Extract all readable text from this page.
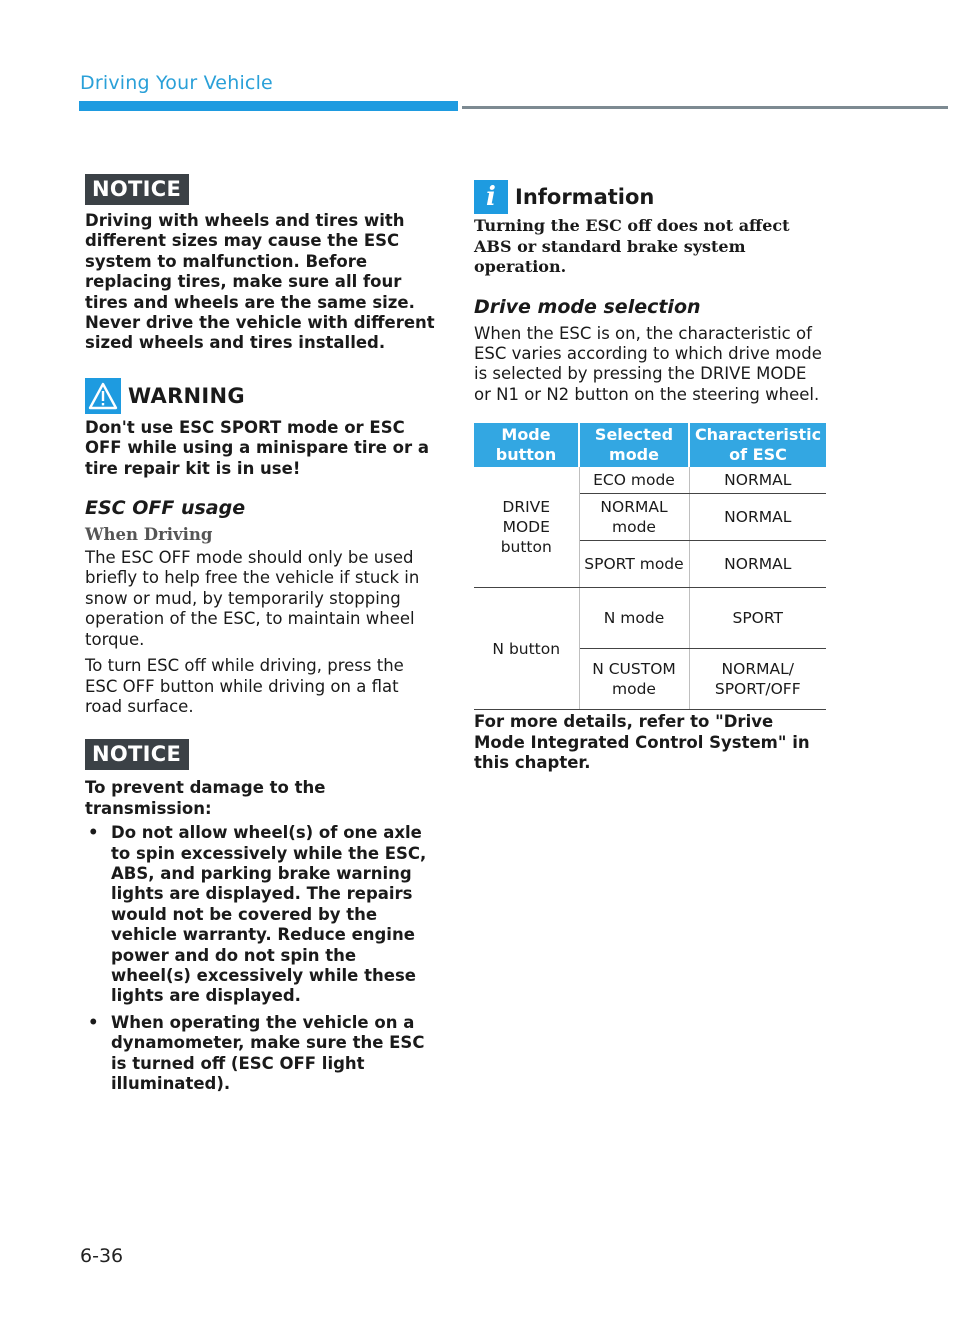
Driving Your Vehicle
NOTICE

Driving with wheels and tires with different sizes may cause the ESC system to malfunction. Before replacing tires, make sure all four tires and wheels are the same size. Never drive the vehicle with different sized wheels and tires installed.

WARNING

Don't use ESC SPORT mode or ESC OFF while using a minispare tire or a tire repair kit is in use!

ESC OFF usage
When Driving

The ESC OFF mode should only be used briefly to help free the vehicle if stuck in snow or mud, by temporarily stopping operation of the ESC, to maintain wheel torque.

To turn ESC off while driving, press the ESC OFF button while driving on a flat road surface.

NOTICE

To prevent damage to the transmission:

• Do not allow wheel(s) of one axle to spin excessively while the ESC, ABS, and parking brake warning lights are displayed. The repairs would not be covered by the vehicle warranty. Reduce engine power and do not spin the wheel(s) excessively while these lights are displayed.
• When operating the vehicle on a dynamometer, make sure the ESC is turned off (ESC OFF light illuminated).
i Information

Turning the ESC off does not affect ABS or standard brake system operation.

Drive mode selection

When the ESC is on, the characteristic of ESC varies according to which drive mode is selected by pressing the DRIVE MODE or N1 or N2 button on the steering wheel.

Mode button	Selected mode	Characteristic of ESC
DRIVE MODE button	ECO mode	NORMAL
	NORMAL mode	NORMAL
	SPORT mode	NORMAL
N button	N mode	SPORT
	N CUSTOM mode	NORMAL/ SPORT/OFF

For more details, refer to "Drive Mode Integrated Control System" in this chapter.

6-36
